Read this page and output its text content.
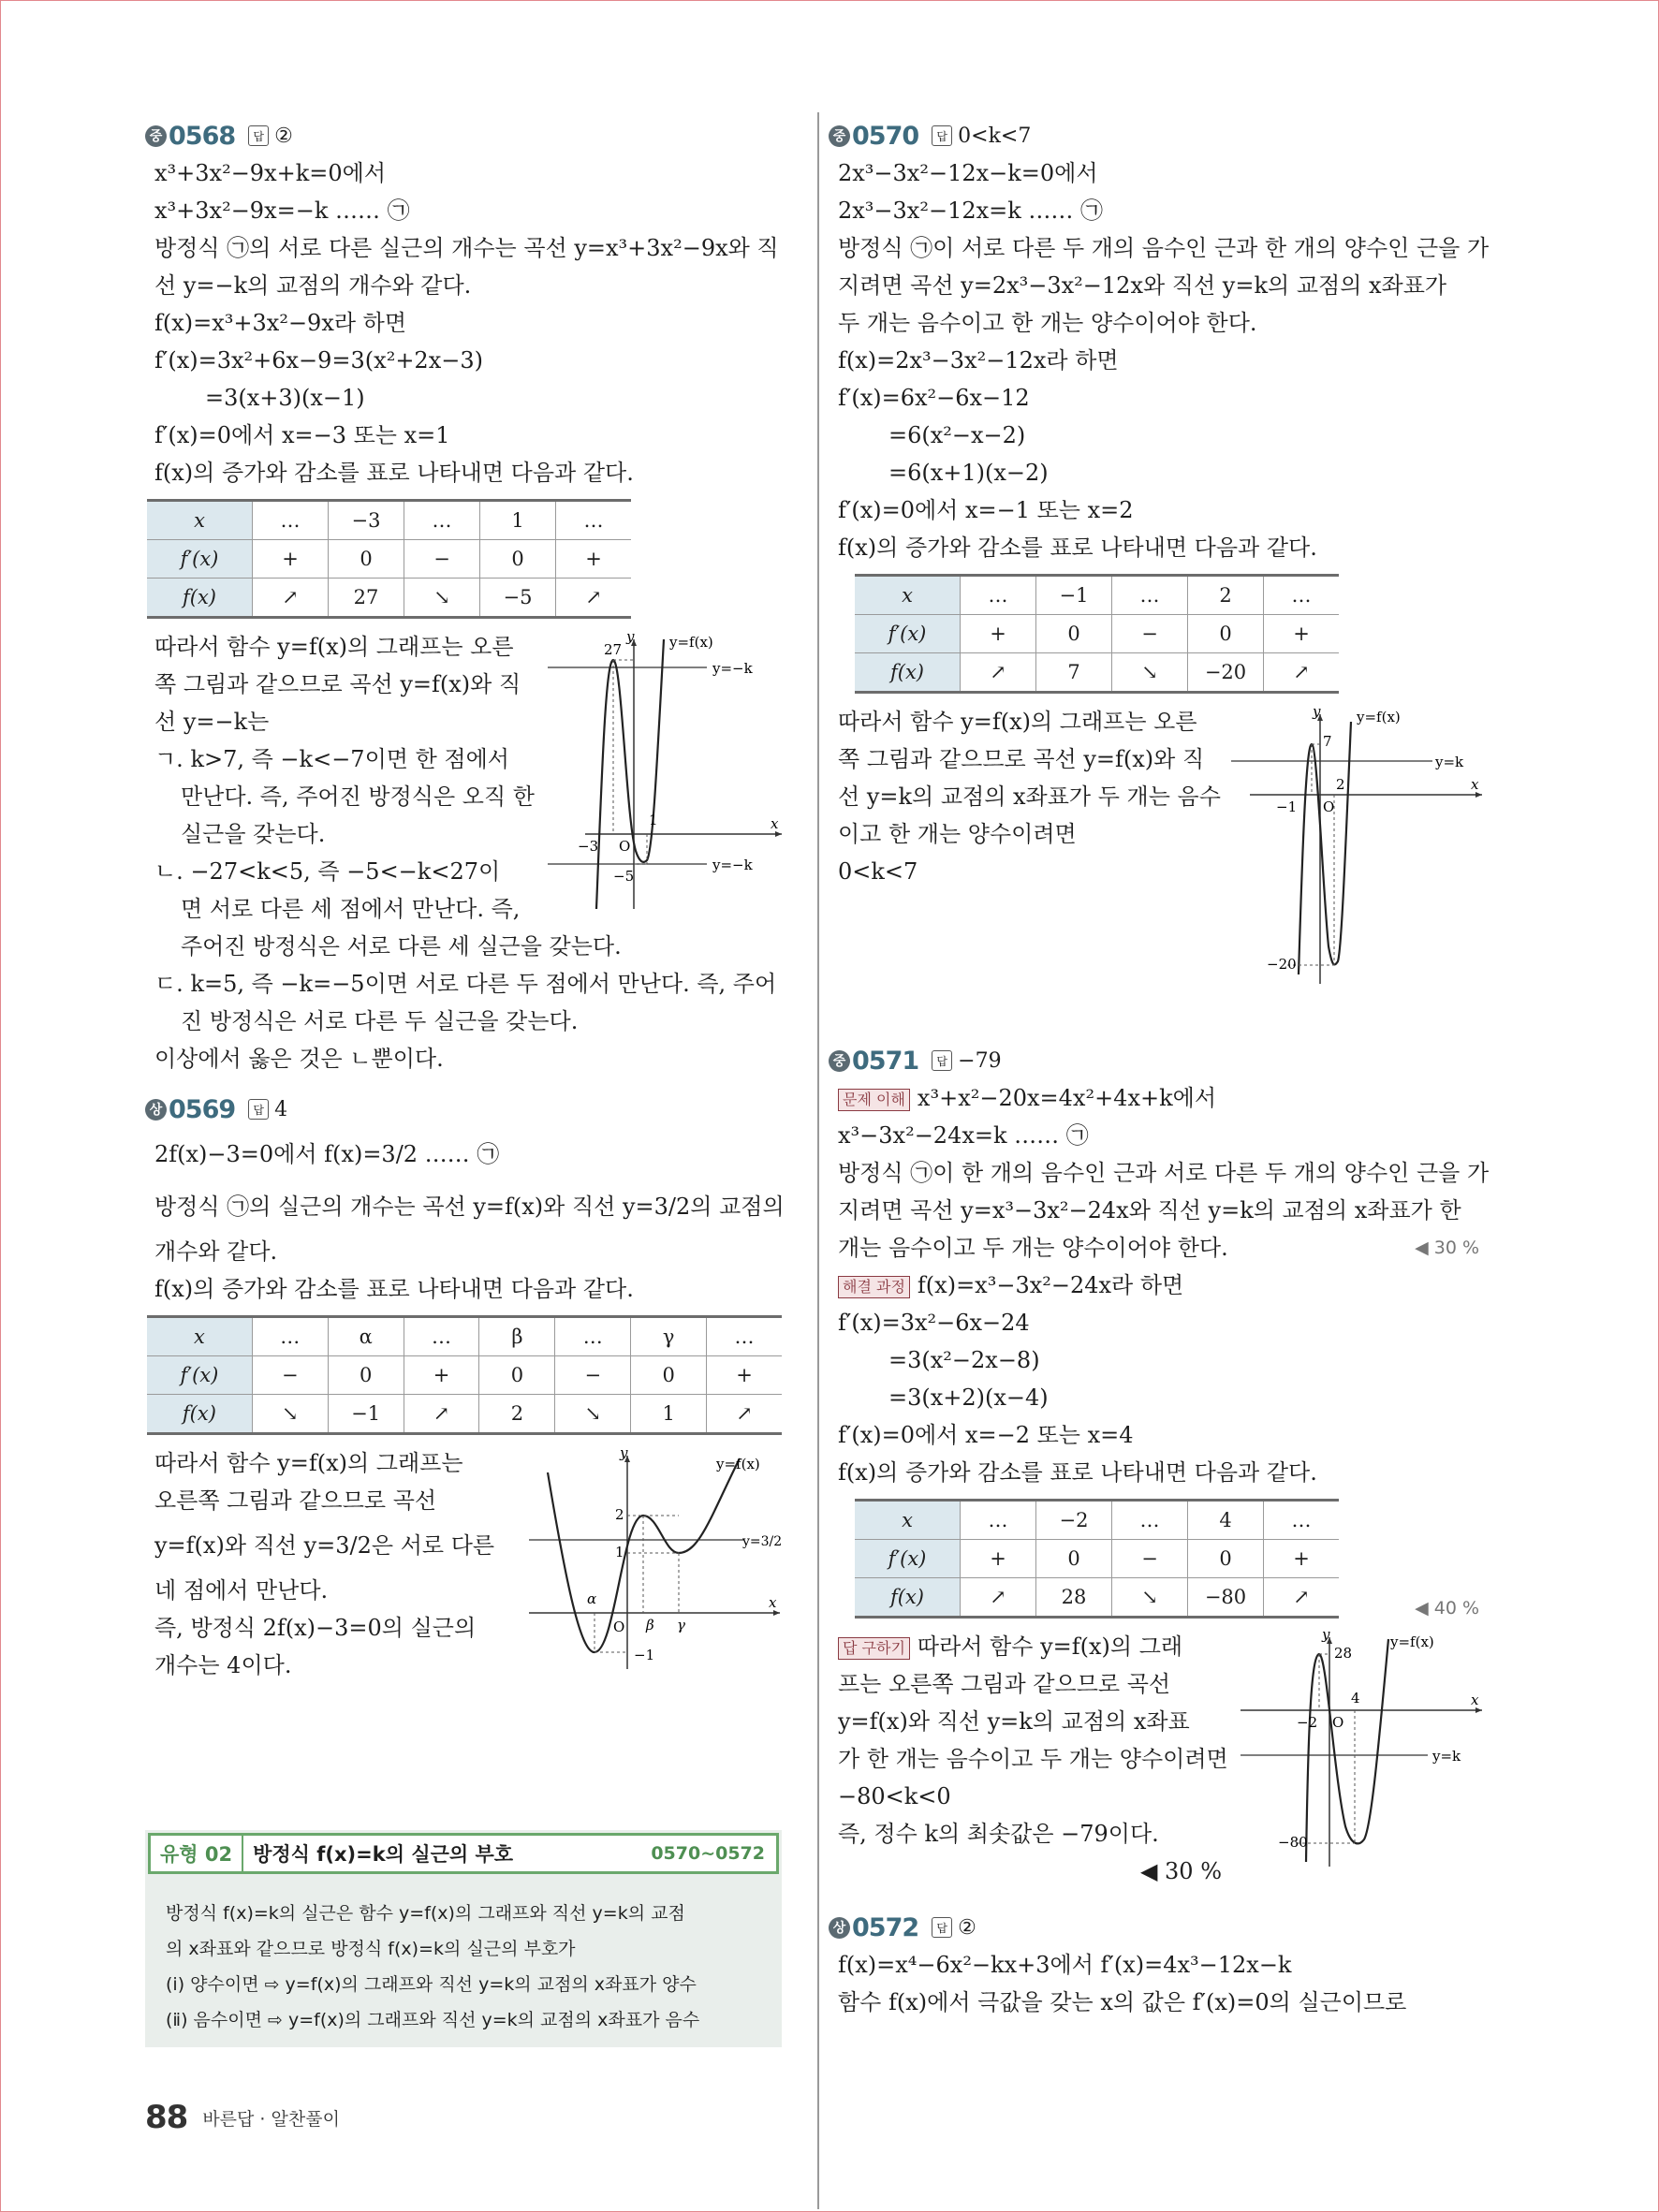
중 0568	답 ②
x³+3x²−9x+k=0에서
x³+3x²−9x=−k …… ㉠
방정식 ㉠의 서로 다른 실근의 개수는 곡선 y=x³+3x²−9x와 직
선 y=−k의 교점의 개수와 같다.
f(x)=x³+3x²−9x라 하면
f′(x)=3x²+6x−9=3(x²+2x−3)
=3(x+3)(x−1)
f′(x)=0에서 x=−3 또는 x=1
f(x)의 증가와 감소를 표로 나타내면 다음과 같다.
x	…	−3	…	1	…
f′(x)	+	0	−	0	+
f(x)	↗	27	↘	−5	↗
따라서 함수 y=f(x)의 그래프는 오른
쪽 그림과 같으므로 곡선 y=f(x)와 직
선 y=−k는
ㄱ. k>7, 즉 −k<−7이면 한 점에서
만난다. 즉, 주어진 방정식은 오직 한
실근을 갖는다.
ㄴ. −27<k<5, 즉 −5<−k<27이
면 서로 다른 세 점에서 만난다. 즉,
y
x
O
y=f(x)
y=−k
y=−k
27
−3
−5
1
주어진 방정식은 서로 다른 세 실근을 갖는다.
ㄷ. k=5, 즉 −k=−5이면 서로 다른 두 점에서 만난다. 즉, 주어
진 방정식은 서로 다른 두 실근을 갖는다.
이상에서 옳은 것은 ㄴ뿐이다.
상 0569	답 4
2f(x)−3=0에서 f(x)=3/2 …… ㉠
방정식 ㉠의 실근의 개수는 곡선 y=f(x)와 직선 y=3/2의 교점의
개수와 같다.
f(x)의 증가와 감소를 표로 나타내면 다음과 같다.
x	…	α	…	β	…	γ	…
f′(x)	−	0	+	0	−	0	+
f(x)	↘	−1	↗	2	↘	1	↗
따라서 함수 y=f(x)의 그래프는
오른쪽 그림과 같으므로 곡선
y=f(x)와 직선 y=3/2은 서로 다른
네 점에서 만난다.
즉, 방정식 2f(x)−3=0의 실근의
개수는 4이다.
y
x
O
y=f(x)
y=3/2
2
1
−1
α
β γ
유형 02	방정식 f(x)=k의 실근의 부호	0570~0572
방정식 f(x)=k의 실근은 함수 y=f(x)의 그래프와 직선 y=k의 교점
의 x좌표와 같으므로 방정식 f(x)=k의 실근의 부호가
(ⅰ) 양수이면 ⇨ y=f(x)의 그래프와 직선 y=k의 교점의 x좌표가 양수
(ⅱ) 음수이면 ⇨ y=f(x)의 그래프와 직선 y=k의 교점의 x좌표가 음수
중 0570	답 0<k<7
2x³−3x²−12x−k=0에서
2x³−3x²−12x=k …… ㉠
방정식 ㉠이 서로 다른 두 개의 음수인 근과 한 개의 양수인 근을 가
지려면 곡선 y=2x³−3x²−12x와 직선 y=k의 교점의 x좌표가
두 개는 음수이고 한 개는 양수이어야 한다.
f(x)=2x³−3x²−12x라 하면
f′(x)=6x²−6x−12
=6(x²−x−2)
=6(x+1)(x−2)
f′(x)=0에서 x=−1 또는 x=2
f(x)의 증가와 감소를 표로 나타내면 다음과 같다.
x	…	−1	…	2	…
f′(x)	+	0	−	0	+
f(x)	↗	7	↘	−20	↗
따라서 함수 y=f(x)의 그래프는 오른
쪽 그림과 같으므로 곡선 y=f(x)와 직
선 y=k의 교점의 x좌표가 두 개는 음수
이고 한 개는 양수이려면
0<k<7
y
x
O
y=f(x)
y=k
7
−1
2
−20
중 0571	답 −79
문제 이해 x³+x²−20x=4x²+4x+k에서
x³−3x²−24x=k …… ㉠
방정식 ㉠이 한 개의 음수인 근과 서로 다른 두 개의 양수인 근을 가
지려면 곡선 y=x³−3x²−24x와 직선 y=k의 교점의 x좌표가 한
개는 음수이고 두 개는 양수이어야 한다.	◀ 30 %
해결 과정 f(x)=x³−3x²−24x라 하면
f′(x)=3x²−6x−24
=3(x²−2x−8)
=3(x+2)(x−4)
f′(x)=0에서 x=−2 또는 x=4
f(x)의 증가와 감소를 표로 나타내면 다음과 같다.
x	…	−2	…	4	…
f′(x)	+	0	−	0	+
f(x)	↗	28	↘	−80	↗	◀ 40 %
답 구하기 따라서 함수 y=f(x)의 그래
프는 오른쪽 그림과 같으므로 곡선
y=f(x)와 직선 y=k의 교점의 x좌표
가 한 개는 음수이고 두 개는 양수이려면
−80<k<0
즉, 정수 k의 최솟값은 −79이다.
◀ 30 %
y
x
O
y=f(x)
y=k
28
−2
4
−80
상 0572	답 ②
f(x)=x⁴−6x²−kx+3에서 f′(x)=4x³−12x−k
함수 f(x)에서 극값을 갖는 x의 값은 f′(x)=0의 실근이므로
88 바른답 · 알찬풀이
